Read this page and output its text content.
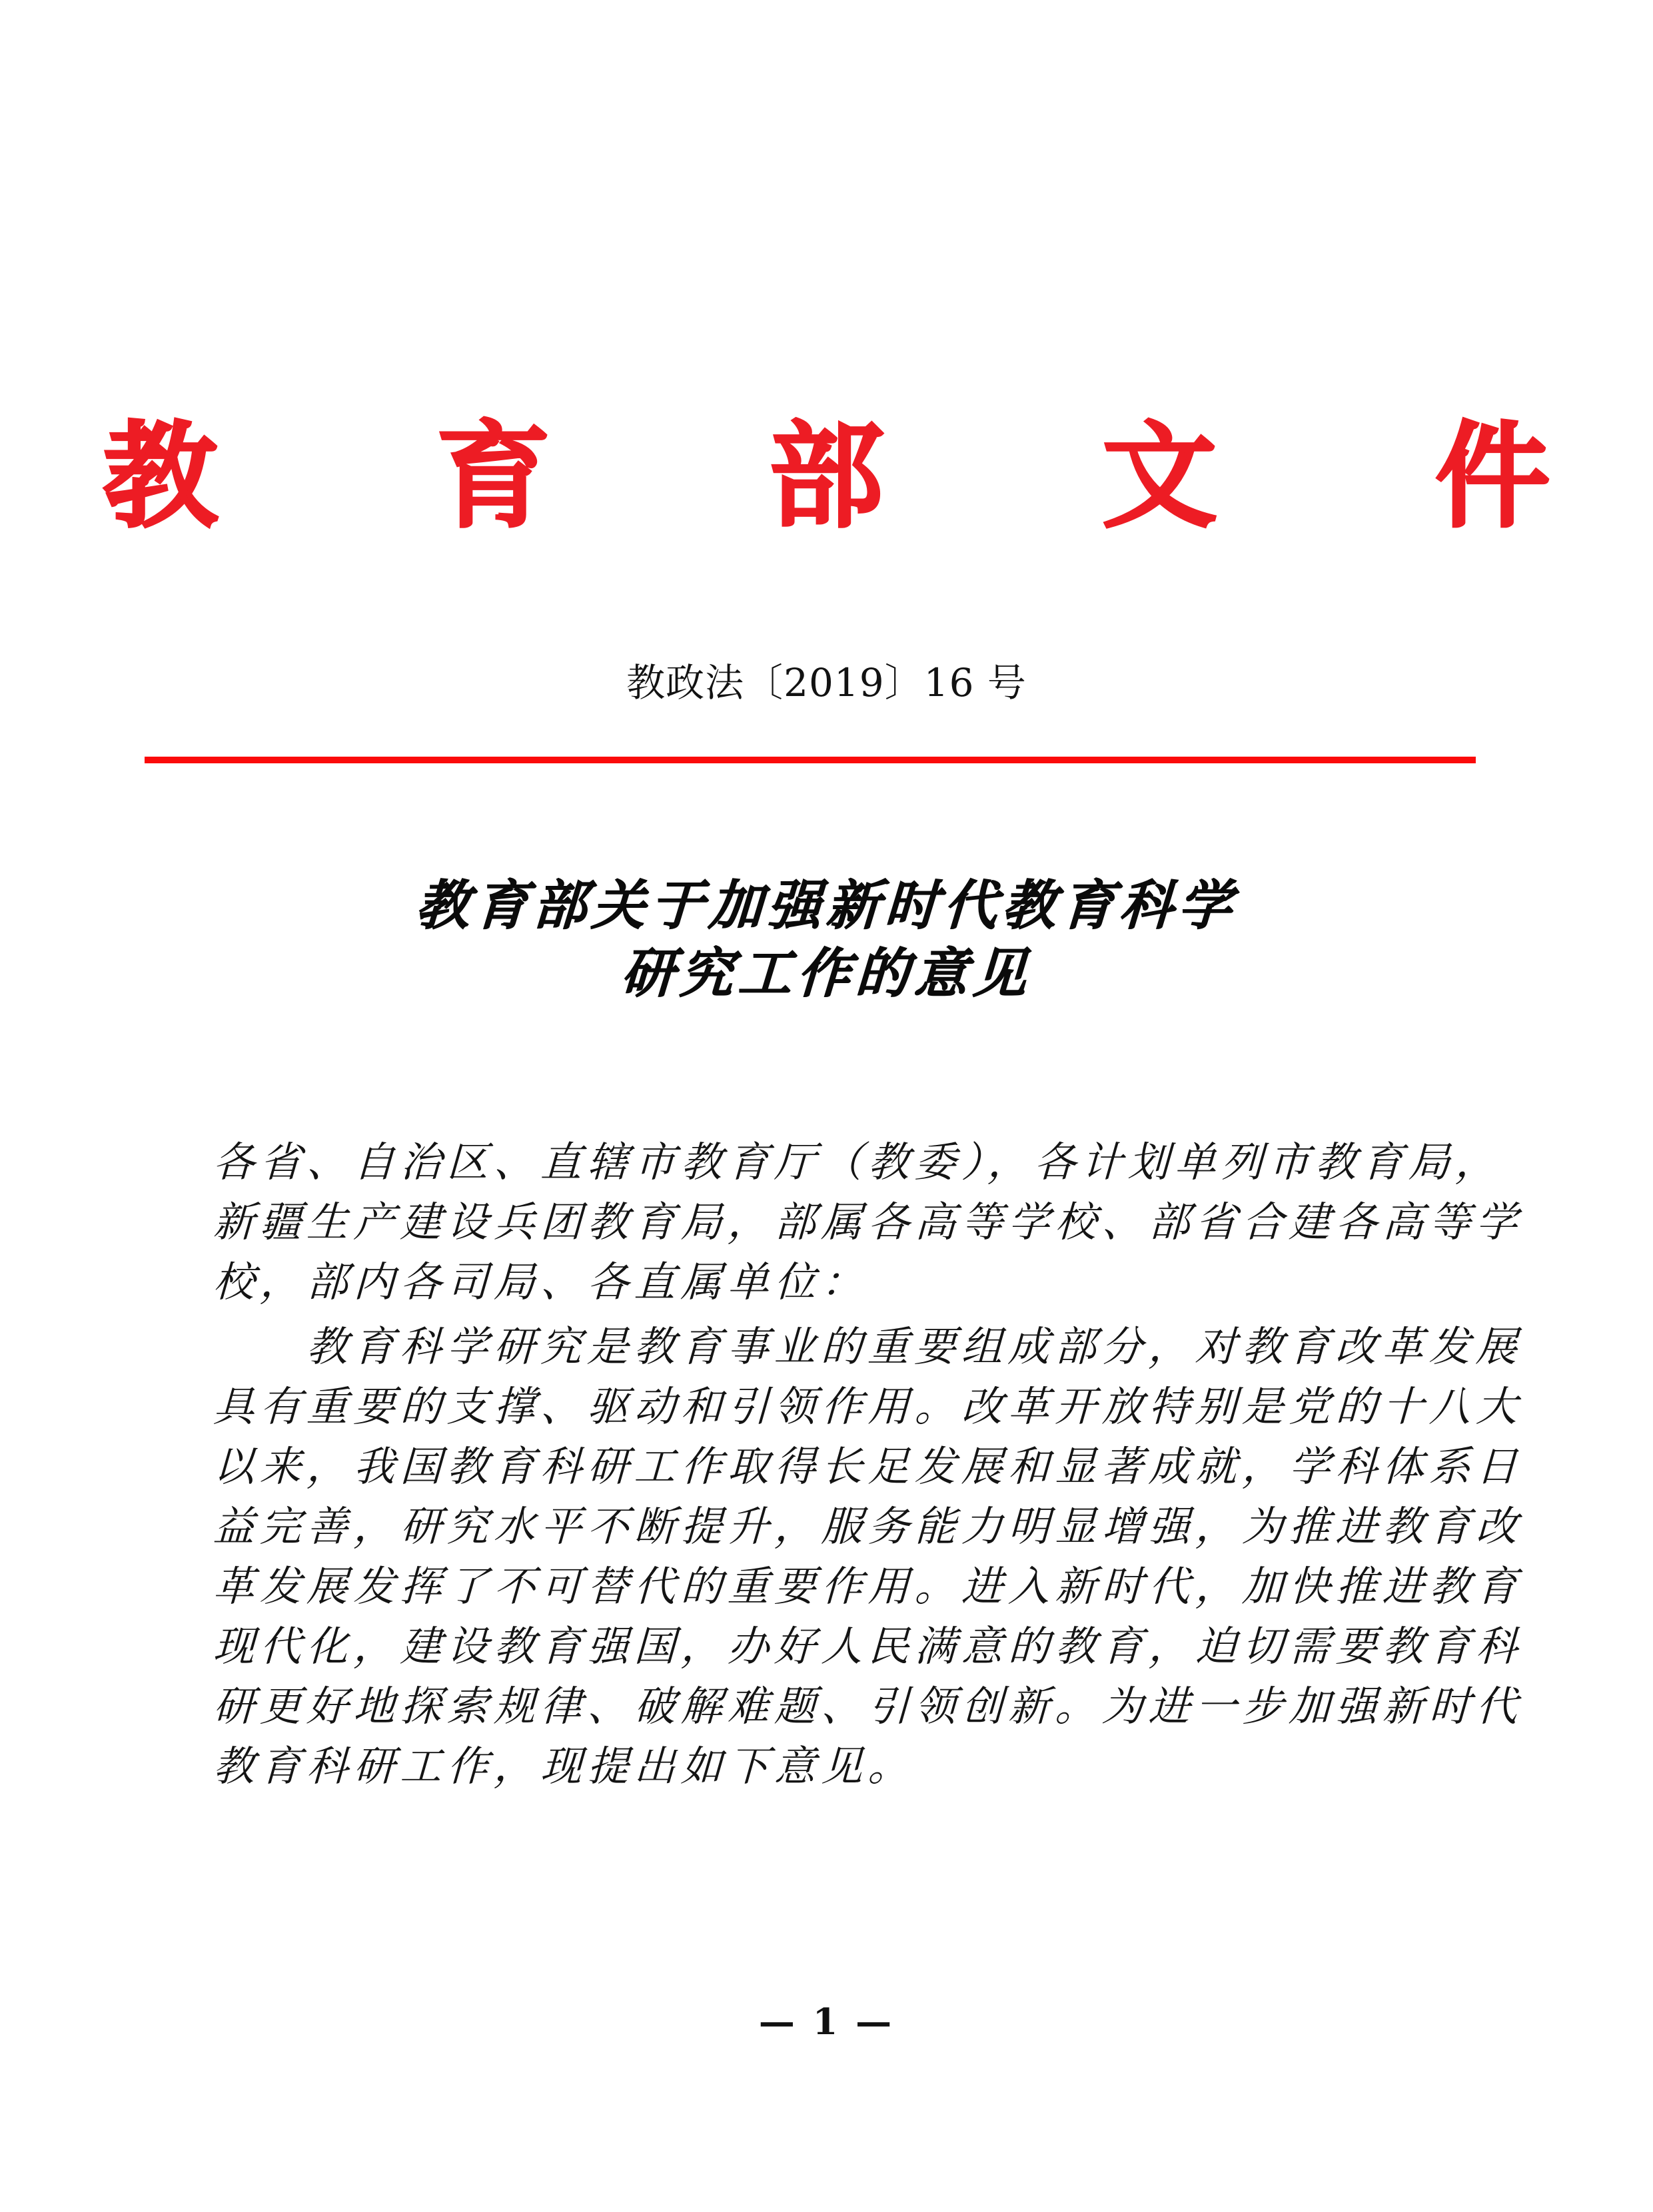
教 育 部 文 件
教政法〔2019〕16 号
教育部关于加强新时代教育科学
研究工作的意见
各省、自治区、直辖市教育厅（教委），各计划单列市教育局，
新疆生产建设兵团教育局，部属各高等学校、部省合建各高等学
校，部内各司局、各直属单位：
教育科学研究是教育事业的重要组成部分，对教育改革发展
具有重要的支撑、驱动和引领作用。改革开放特别是党的十八大
以来，我国教育科研工作取得长足发展和显著成就，学科体系日
益完善，研究水平不断提升，服务能力明显增强，为推进教育改
革发展发挥了不可替代的重要作用。进入新时代，加快推进教育
现代化，建设教育强国，办好人民满意的教育，迫切需要教育科
研更好地探索规律、破解难题、引领创新。为进一步加强新时代
教育科研工作，现提出如下意见。
— 1 —
